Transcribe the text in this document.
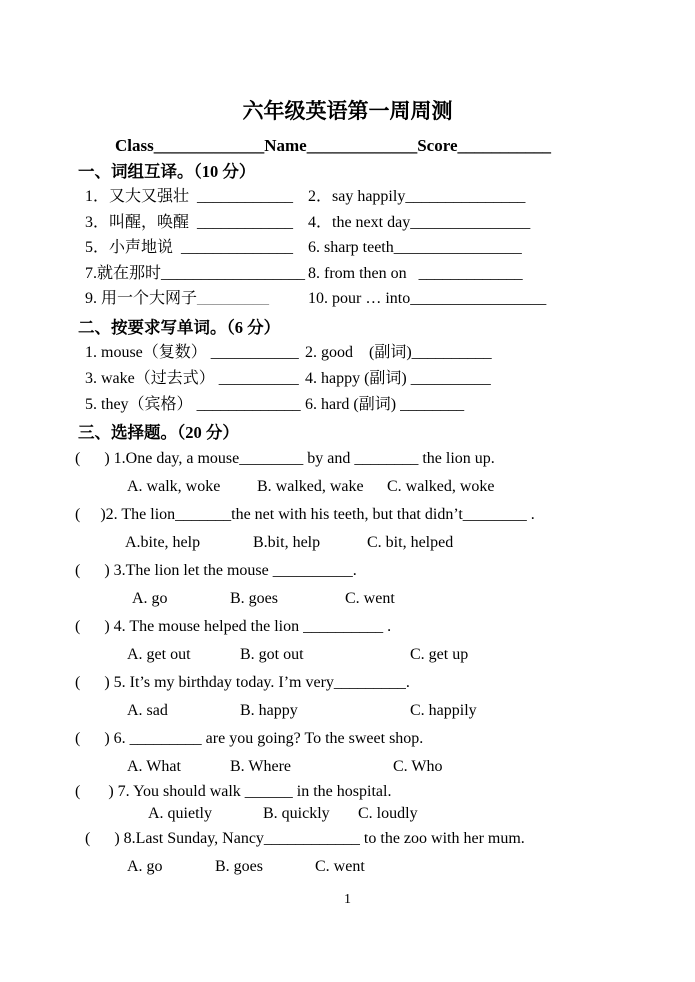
六年级英语第一周周测
Class_____________Name_____________Score___________
一、词组互译。（10 分）
1．又大又强壮  ____________ 2．say happily_______________
3．叫醒，唤醒  ____________ 4．the next day_______________
5．小声地说  ______________ 6. sharp teeth________________
7.就在那时__________________ 8. from then on   _____________
9. 用一个大网子_________ 10. pour … into_________________
二、按要求写单词。（6 分）
1. mouse（复数） ___________ 2. good　(副词)__________
3. wake（过去式） __________ 4. happy (副词) __________
5. they（宾格） _____________ 6. hard (副词) ________
三、选择题。（20 分）
(      ) 1.One day, a mouse________ by and ________ the lion up.
A. walk, woke B. walked, wake C. walked, woke
(     )2. The lion_______the net with his teeth, but that didn’t________ .
A.bite, help	B.bit, help	C. bit, helped
(      ) 3.The lion let the mouse __________.
A. go	B. goes	C. went
(      ) 4. The mouse helped the lion __________ .
A. get out	B. got out	C. get up
(      ) 5. It’s my birthday today. I’m very_________.
A. sad	B. happy	C. happily
(      ) 6. _________ are you going? To the sweet shop.
A. What	B. Where	C. Who
(       ) 7. You should walk ______ in the hospital.
A. quietly	B. quickly C. loudly
(      ) 8.Last Sunday, Nancy____________ to the zoo with her mum.
A. go	B. goes	C. went
1
